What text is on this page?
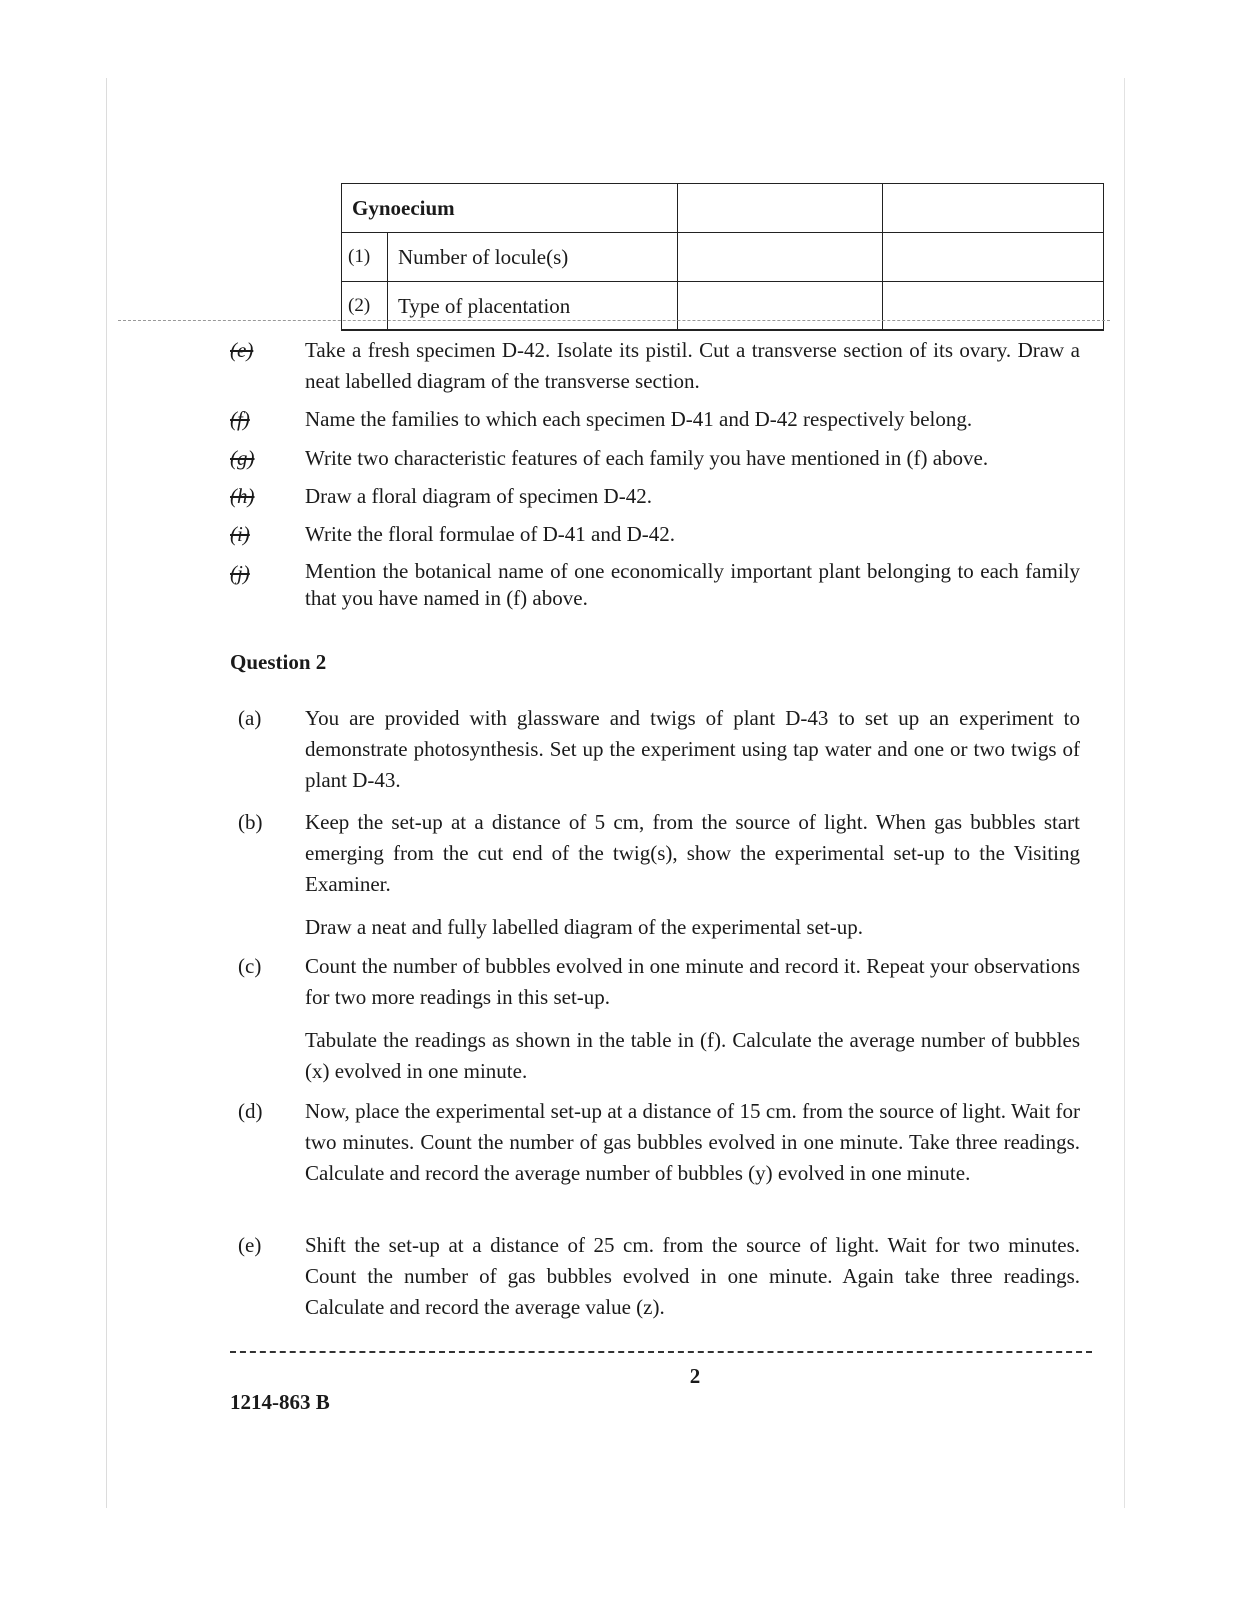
Gynoecium			
(1)	Number of locule(s)		
(2)	Type of placentation		
(e)	Take a fresh specimen D-42. Isolate its pistil. Cut a transverse section of its ovary. Draw a neat labelled diagram of the transverse section.
(f)	Name the families to which each specimen D-41 and D-42 respectively belong.
(g)	Write two characteristic features of each family you have mentioned in (f) above.
(h)	Draw a floral diagram of specimen D-42.
(i)	Write the floral formulae of D-41 and D-42.
(j)	Mention the botanical name of one economically important plant belonging to each family that you have named in (f) above.
Question 2
(a)	You are provided with glassware and twigs of plant D-43 to set up an experiment to demonstrate photosynthesis. Set up the experiment using tap water and one or two twigs of plant D-43.

(b)	Keep the set-up at a distance of 5 cm, from the source of light. When gas bubbles start emerging from the cut end of the twig(s), show the experimental set-up to the Visiting Examiner.

Draw a neat and fully labelled diagram of the experimental set-up.

(c)	Count the number of bubbles evolved in one minute and record it. Repeat your observations for two more readings in this set-up.

Tabulate the readings as shown in the table in (f). Calculate the average number of bubbles (x) evolved in one minute.

(d)	Now, place the experimental set-up at a distance of 15 cm. from the source of light. Wait for two minutes. Count the number of gas bubbles evolved in one minute. Take three readings. Calculate and record the average number of bubbles (y) evolved in one minute.

(e)	Shift the set-up at a distance of 25 cm. from the source of light. Wait for two minutes. Count the number of gas bubbles evolved in one minute. Again take three readings. Calculate and record the average value (z).

2
1214-863 B
